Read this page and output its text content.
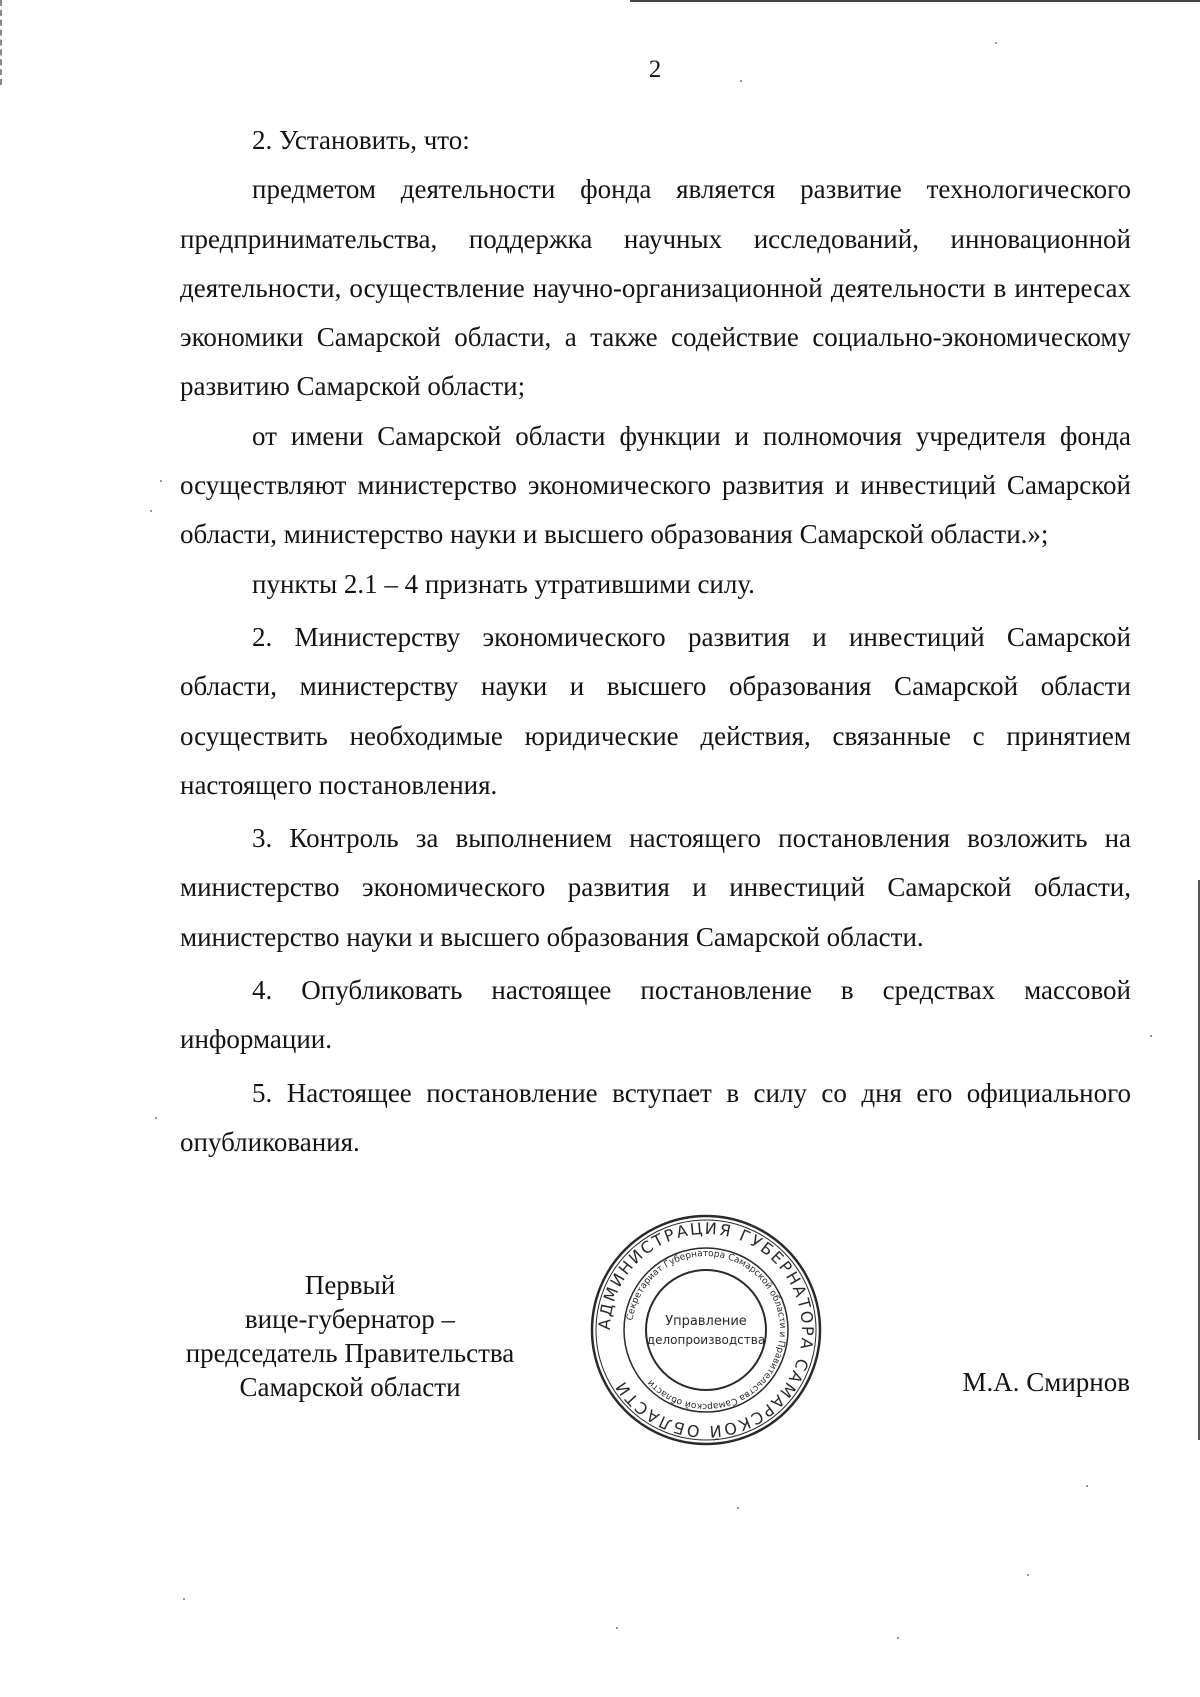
2

2. Установить, что:

предметом деятельности фонда является развитие технологического предпринимательства, поддержка научных исследований, инновационной деятельности, осуществление научно-организационной деятельности в интересах экономики Самарской области, а также содействие социально-экономическому развитию Самарской области;

от имени Самарской области функции и полномочия учредителя фонда осуществляют министерство экономического развития и инвестиций Самарской области, министерство науки и высшего образования Самарской области.»;

пункты 2.1 – 4 признать утратившими силу.

2. Министерству экономического развития и инвестиций Самарской области, министерству науки и высшего образования Самарской области осуществить необходимые юридические действия, связанные с принятием настоящего постановления.

3. Контроль за выполнением настоящего постановления возложить на министерство экономического развития и инвестиций Самарской области, министерство науки и высшего образования Самарской области.

4. Опубликовать настоящее постановление в средствах массовой информации.

5. Настоящее постановление вступает в силу со дня его официального опубликования.

Первый
вице-губернатор –
председатель Правительства
Самарской области	М.А. Смирнов
АДМИНИСТРАЦИЯ ГУБЕРНАТОРА САМАРСКОЙ ОБЛАСТИ
Секретариат Губернатора Самарской области и Правительства Самарской области
Управление
делопроизводства
